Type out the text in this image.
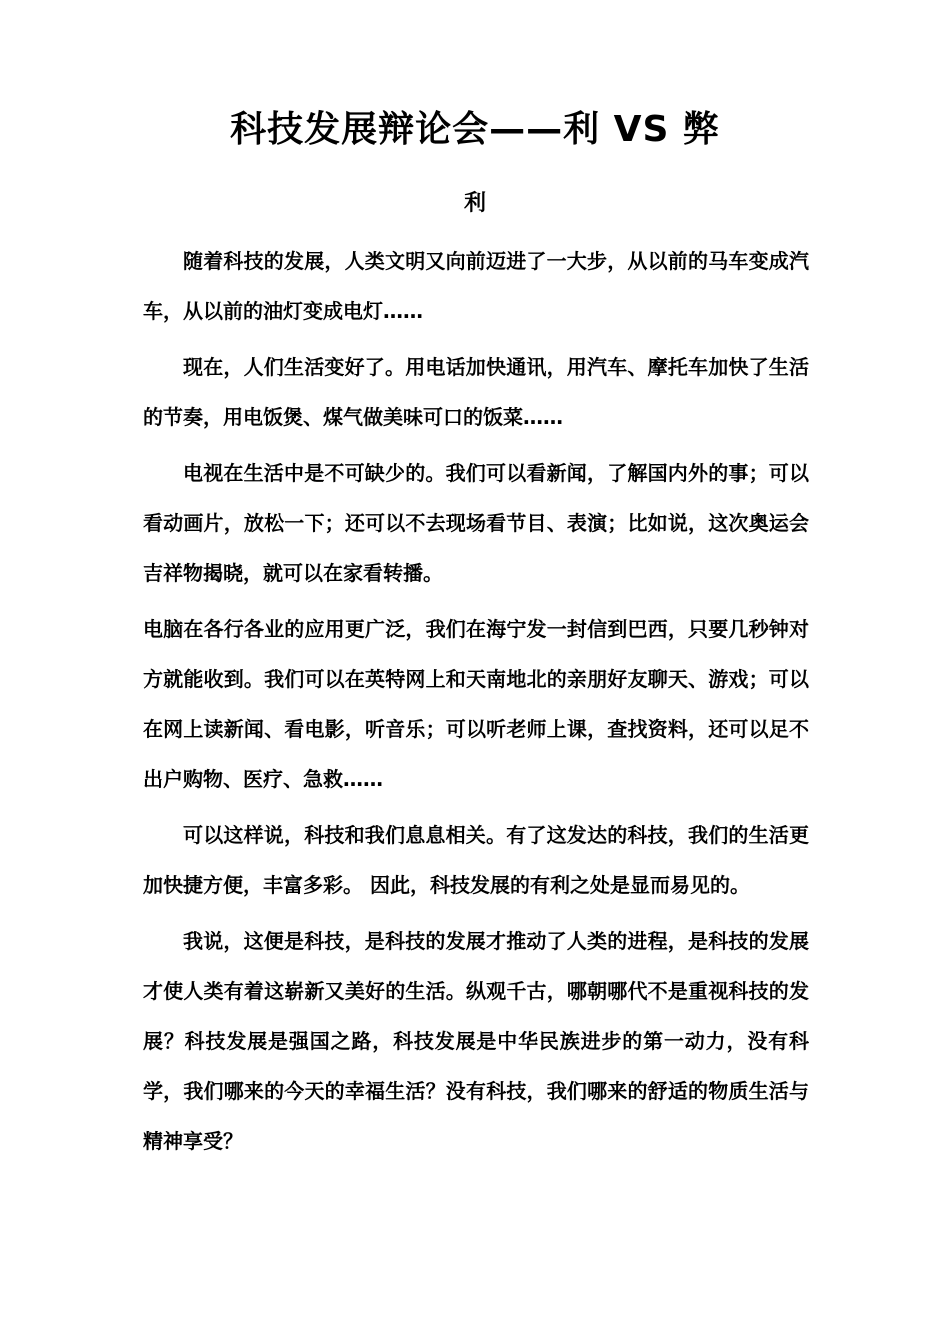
科技发展辩论会——利 VS 弊
利

随着科技的发展，人类文明又向前迈进了一大步，从以前的马车变成汽车，从以前的油灯变成电灯……

现在，人们生活变好了。用电话加快通讯，用汽车、摩托车加快了生活的节奏，用电饭煲、煤气做美味可口的饭菜……

电视在生活中是不可缺少的。我们可以看新闻，了解国内外的事；可以看动画片，放松一下；还可以不去现场看节目、表演；比如说，这次奥运会吉祥物揭晓，就可以在家看转播。

电脑在各行各业的应用更广泛，我们在海宁发一封信到巴西，只要几秒钟对方就能收到。我们可以在英特网上和天南地北的亲朋好友聊天、游戏；可以在网上读新闻、看电影，听音乐；可以听老师上课，查找资料，还可以足不出户购物、医疗、急救……

可以这样说，科技和我们息息相关。有了这发达的科技，我们的生活更加快捷方便，丰富多彩。 因此，科技发展的有利之处是显而易见的。

我说，这便是科技，是科技的发展才推动了人类的进程，是科技的发展才使人类有着这崭新又美好的生活。纵观千古，哪朝哪代不是重视科技的发展？科技发展是强国之路，科技发展是中华民族进步的第一动力，没有科学，我们哪来的今天的幸福生活？没有科技，我们哪来的舒适的物质生活与精神享受？
